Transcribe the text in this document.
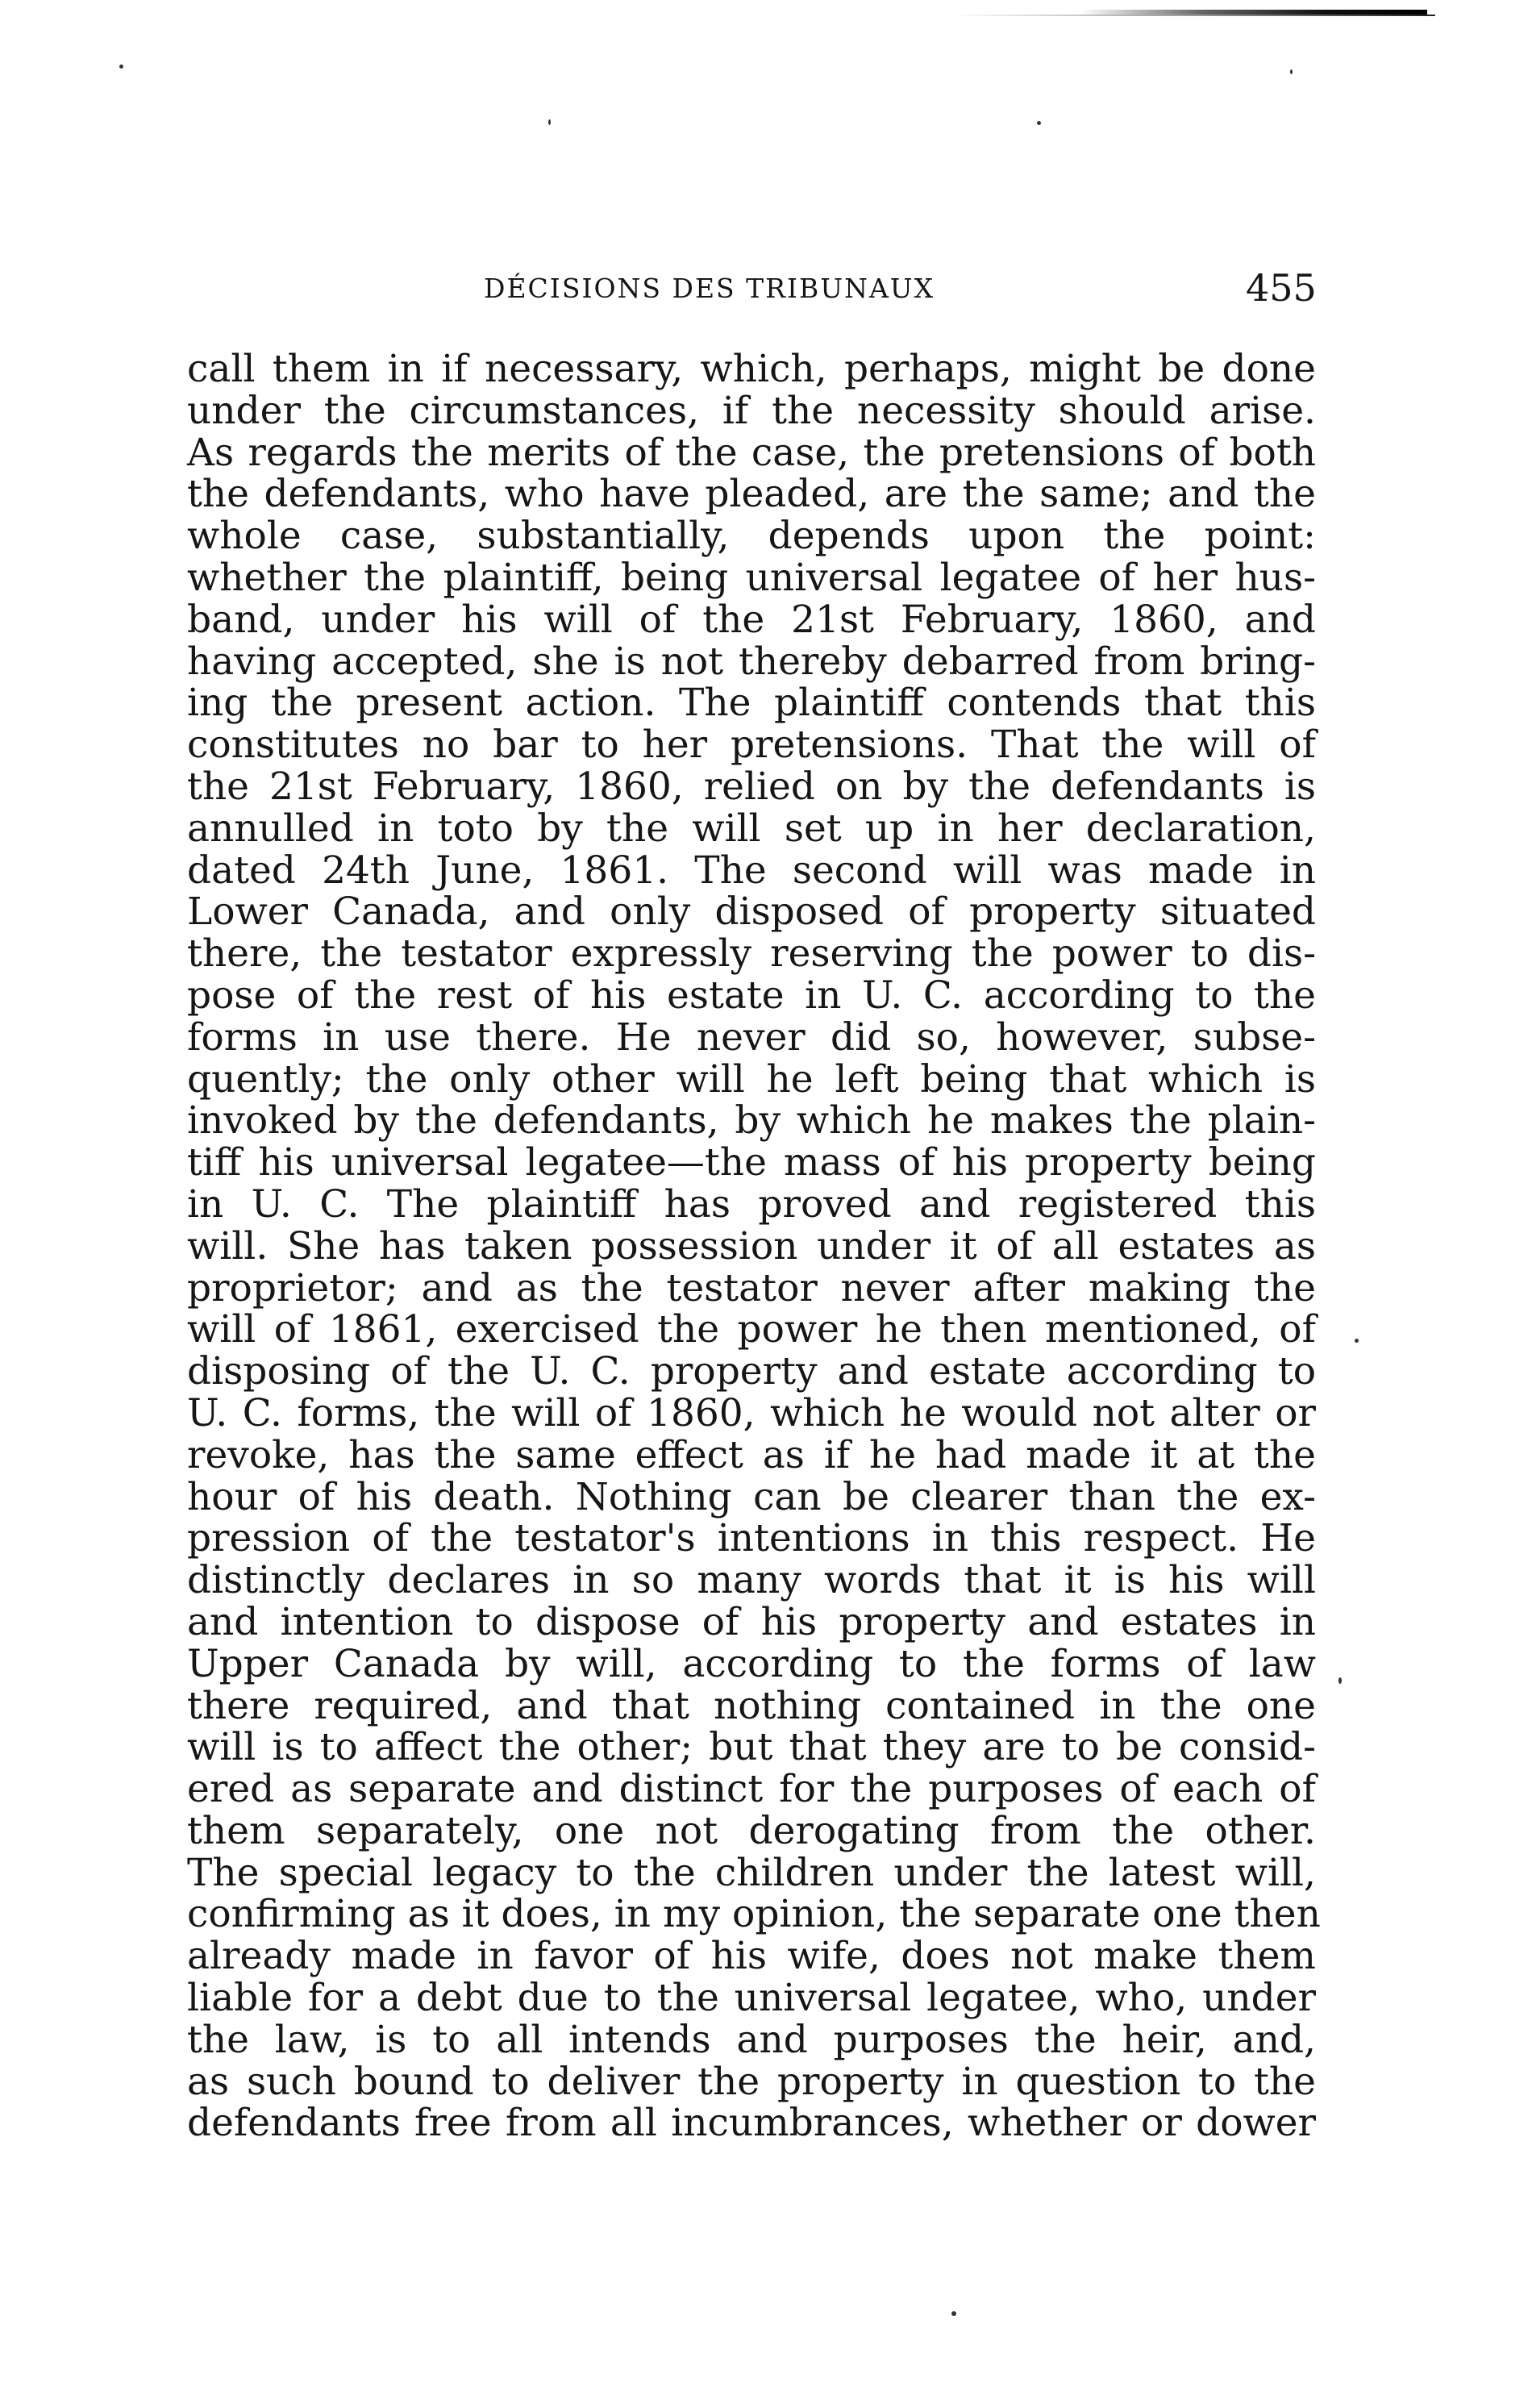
DÉCISIONS DES TRIBUNAUX	455
call them in if necessary, which, perhaps, might be done
under the circumstances, if the necessity should arise.
As regards the merits of the case, the pretensions of both
the defendants, who have pleaded, are the same; and the
whole case, substantially, depends upon the point:
whether the plaintiff, being universal legatee of her hus-
band, under his will of the 21st February, 1860, and
having accepted, she is not thereby debarred from bring-
ing the present action. The plaintiff contends that this
constitutes no bar to her pretensions. That the will of
the 21st February, 1860, relied on by the defendants is
annulled in toto by the will set up in her declaration,
dated 24th June, 1861. The second will was made in
Lower Canada, and only disposed of property situated
there, the testator expressly reserving the power to dis-
pose of the rest of his estate in U. C. according to the
forms in use there. He never did so, however, subse-
quently; the only other will he left being that which is
invoked by the defendants, by which he makes the plain-
tiff his universal legatee—the mass of his property being
in U. C. The plaintiff has proved and registered this
will. She has taken possession under it of all estates as
proprietor; and as the testator never after making the
will of 1861, exercised the power he then mentioned, of
disposing of the U. C. property and estate according to
U. C. forms, the will of 1860, which he would not alter or
revoke, has the same effect as if he had made it at the
hour of his death. Nothing can be clearer than the ex-
pression of the testator's intentions in this respect. He
distinctly declares in so many words that it is his will
and intention to dispose of his property and estates in
Upper Canada by will, according to the forms of law
there required, and that nothing contained in the one
will is to affect the other; but that they are to be consid-
ered as separate and distinct for the purposes of each of
them separately, one not derogating from the other.
The special legacy to the children under the latest will,
confirming as it does, in my opinion, the separate one then
already made in favor of his wife, does not make them
liable for a debt due to the universal legatee, who, under
the law, is to all intends and purposes the heir, and,
as such bound to deliver the property in question to the
defendants free from all incumbrances, whether or dower
